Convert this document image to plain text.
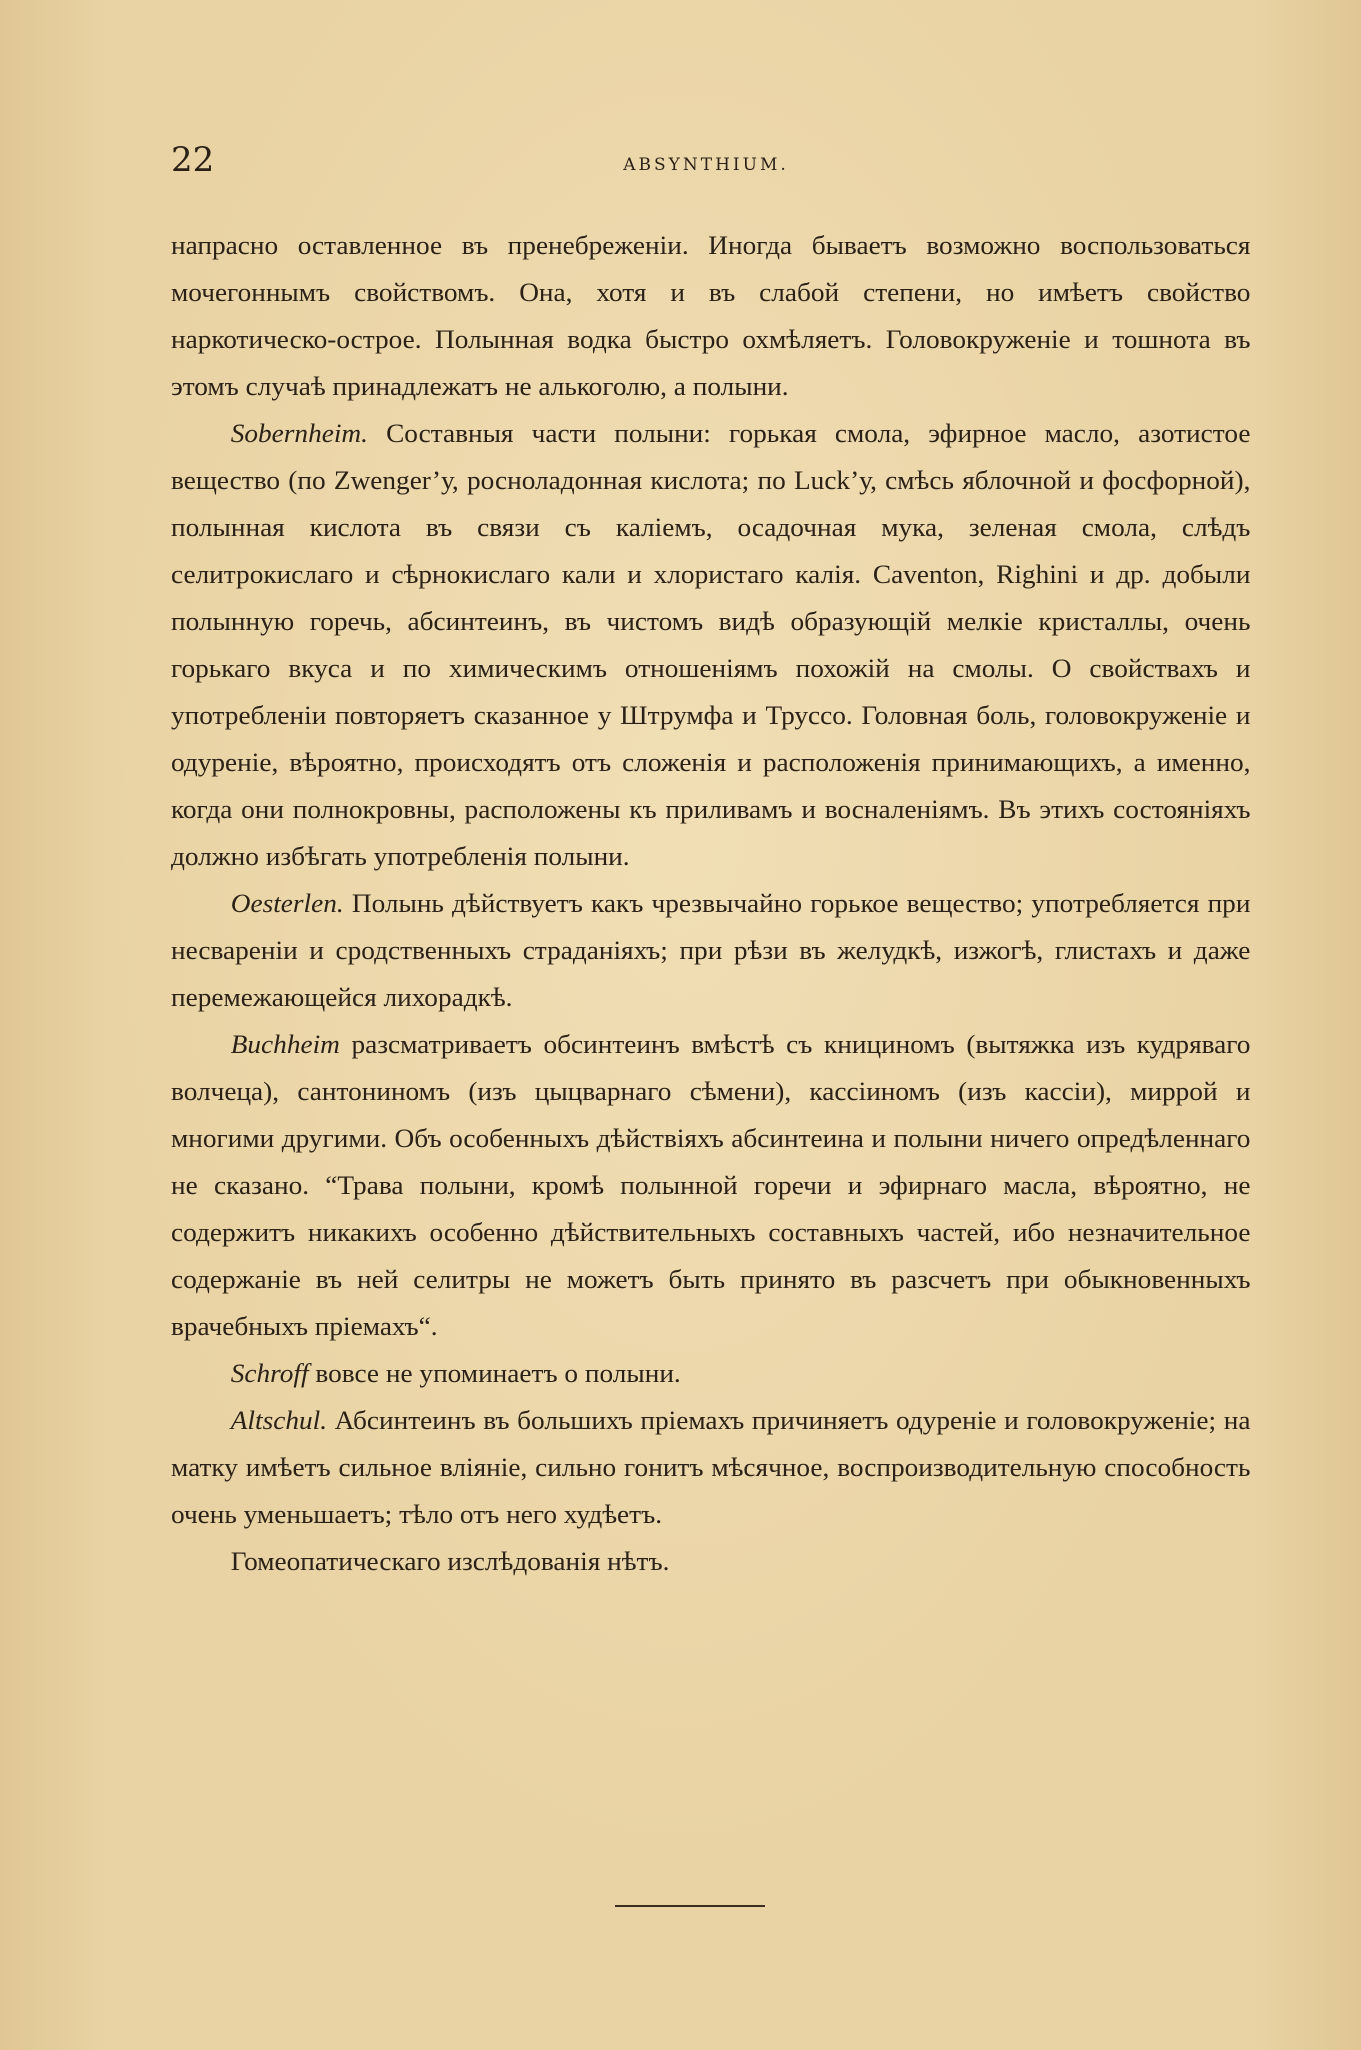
22	ABSYNTHIUM.

напрасно оставленное въ пренебреженіи. Иногда бываетъ возможно воспользоваться мочегоннымъ свойствомъ. Она, хотя и въ слабой степени, но имѣетъ свойство наркотическо-острое. Полынная водка быстро охмѣляетъ. Головокруженіе и тошнота въ этомъ случаѣ принадлежатъ не алькоголю, а полыни.

Sobernheim. Составныя части полыни: горькая смола, эфирное масло, азотистое вещество (по Zwenger’у, росноладонная кислота; по Luck’у, смѣсь яблочной и фосфорной), полынная кислота въ связи съ каліемъ, осадочная мука, зеленая смола, слѣдъ селитрокислаго и сѣрнокислаго кали и хлористаго калія. Caventon, Righini и др. добыли полынную горечь, абсинтеинъ, въ чистомъ видѣ образующій мелкіе кристаллы, очень горькаго вкуса и по химическимъ отношеніямъ похожій на смолы. О свойствахъ и употребленіи повторяетъ сказанное у Штрумфа и Труссо. Головная боль, головокруженіе и одуреніе, вѣроятно, происходятъ отъ сложенія и расположенія принимающихъ, а именно, когда они полнокровны, расположены къ приливамъ и восналеніямъ. Въ этихъ состояніяхъ должно избѣгать употребленія полыни.

Oesterlen. Полынь дѣйствуетъ какъ чрезвычайно горькое вещество; употребляется при несвареніи и сродственныхъ страданіяхъ; при рѣзи въ желудкѣ, изжогѣ, глистахъ и даже перемежающейся лихорадкѣ.

Buchheim разсматриваетъ обсинтеинъ вмѣстѣ съ книциномъ (вытяжка изъ кудряваго волчеца), сантониномъ (изъ цыцварнаго сѣмени), кассіиномъ (изъ кассіи), миррой и многими другими. Объ особенныхъ дѣйствіяхъ абсинтеина и полыни ничего опредѣленнаго не сказано. “Трава полыни, кромѣ полынной горечи и эфирнаго масла, вѣроятно, не содержитъ никакихъ особенно дѣйствительныхъ составныхъ частей, ибо незначительное содержаніе въ ней селитры не можетъ быть принято въ разсчетъ при обыкновенныхъ врачебныхъ пріемахъ“.

Schroff вовсе не упоминаетъ о полыни.

Altschul. Абсинтеинъ въ большихъ пріемахъ причиняетъ одуреніе и головокруженіе; на матку имѣетъ сильное вліяніе, сильно гонитъ мѣсячное, воспроизводительную способность очень уменьшаетъ; тѣло отъ него худѣетъ.

Гомеопатическаго изслѣдованія нѣтъ.
